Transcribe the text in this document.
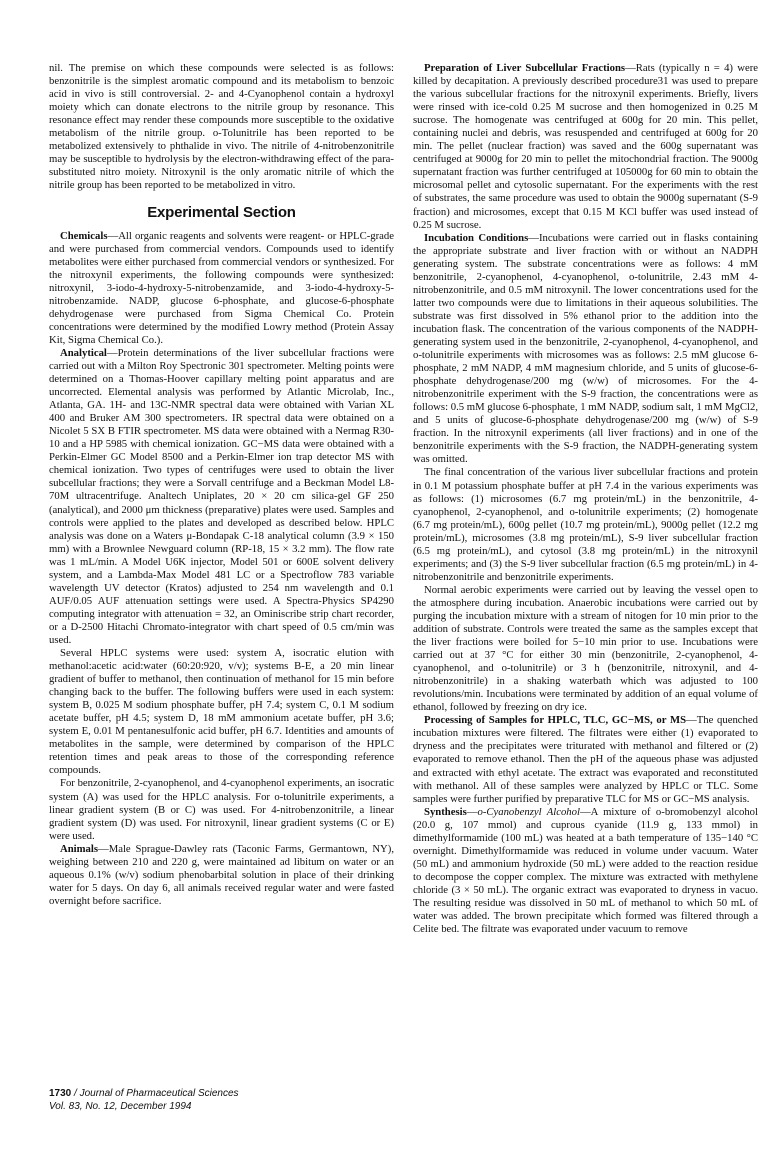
nil. The premise on which these compounds were selected is as follows: benzonitrile is the simplest aromatic compound and its metabolism to benzoic acid in vivo is still controversial. 2- and 4-Cyanophenol contain a hydroxyl moiety which can donate electrons to the nitrile group by resonance. This resonance effect may render these compounds more susceptible to the oxidative metabolism of the nitrile group. o-Tolunitrile has been reported to be metabolized extensively to phthalide in vivo. The nitrile of 4-nitrobenzonitrile may be susceptible to hydrolysis by the electron-withdrawing effect of the para-substituted nitro moiety. Nitroxynil is the only aromatic nitrile of which the nitrile group has been reported to be metabolized in vitro.

Experimental Section

Chemicals—All organic reagents and solvents were reagent- or HPLC-grade and were purchased from commercial vendors. Compounds used to identify metabolites were either purchased from commercial vendors or synthesized. For the nitroxynil experiments, the following compounds were synthesized: nitroxynil, 3-iodo-4-hydroxy-5-nitrobenzamide, and 3-iodo-4-hydroxy-5-nitrobenzamide. NADP, glucose 6-phosphate, and glucose-6-phosphate dehydrogenase were purchased from Sigma Chemical Co. Protein concentrations were determined by the modified Lowry method (Protein Assay Kit, Sigma Chemical Co.).

Analytical—Protein determinations of the liver subcellular fractions were carried out with a Milton Roy Spectronic 301 spectrometer. Melting points were determined on a Thomas-Hoover capillary melting point apparatus and are uncorrected. Elemental analysis was performed by Atlantic Microlab, Inc., Atlanta, GA. 1H- and 13C-NMR spectral data were obtained with Varian XL 400 and Bruker AM 300 spectrometers. IR spectral data were obtained on a Nicolet 5 SX B FTIR spectrometer. MS data were obtained with a Nermag R30-10 and a HP 5985 with chemical ionization. GC−MS data were obtained with a Perkin-Elmer GC Model 8500 and a Perkin-Elmer ion trap detector MS with chemical ionization. Two types of centrifuges were used to obtain the liver subcellular fractions; they were a Sorvall centrifuge and a Beckman Model L8-70M ultracentrifuge. Analtech Uniplates, 20 × 20 cm silica-gel GF 250 (analytical), and 2000 μm thickness (preparative) plates were used. Samples and controls were applied to the plates and developed as described below. HPLC analysis was done on a Waters μ-Bondapak C-18 analytical column (3.9 × 150 mm) with a Brownlee Newguard column (RP-18, 15 × 3.2 mm). The flow rate was 1 mL/min. A Model U6K injector, Model 501 or 600E solvent delivery system, and a Lambda-Max Model 481 LC or a Spectroflow 783 variable wavelength UV detector (Kratos) adjusted to 254 nm wavelength and 0.1 AUF/0.05 AUF attenuation settings were used. A Spectra-Physics SP4290 computing integrator with attenuation = 32, an Ominiscribe strip chart recorder, or a D-2500 Hitachi Chromato-integrator with chart speed of 0.5 cm/min was used.

Several HPLC systems were used: system A, isocratic elution with methanol:acetic acid:water (60:20:920, v/v); systems B-E, a 20 min linear gradient of buffer to methanol, then continuation of methanol for 15 min before changing back to the buffer. The following buffers were used in each system: system B, 0.025 M sodium phosphate buffer, pH 7.4; system C, 0.1 M sodium acetate buffer, pH 4.5; system D, 18 mM ammonium acetate buffer, pH 3.6; system E, 0.01 M pentanesulfonic acid buffer, pH 6.7. Identities and amounts of metabolites in the sample, were determined by comparison of the HPLC retention times and peak areas to those of the corresponding reference compounds.

For benzonitrile, 2-cyanophenol, and 4-cyanophenol experiments, an isocratic system (A) was used for the HPLC analysis. For o-tolunitrile experiments, a linear gradient system (B or C) was used. For 4-nitrobenzonitrile, a linear gradient system (D) was used. For nitroxynil, linear gradient systems (C or E) were used.

Animals—Male Sprague-Dawley rats (Taconic Farms, Germantown, NY), weighing between 210 and 220 g, were maintained ad libitum on water or an aqueous 0.1% (w/v) sodium phenobarbital solution in place of their drinking water for 5 days. On day 6, all animals received regular water and were fasted overnight before sacrifice.

Preparation of Liver Subcellular Fractions—Rats (typically n = 4) were killed by decapitation. A previously described procedure31 was used to prepare the various subcellular fractions for the nitroxynil experiments. Briefly, livers were rinsed with ice-cold 0.25 M sucrose and then homogenized in 0.25 M sucrose. The homogenate was centrifuged at 600g for 20 min. This pellet, containing nuclei and debris, was resuspended and centrifuged at 600g for 20 min. The pellet (nuclear fraction) was saved and the 600g supernatant was centrifuged at 9000g for 20 min to pellet the mitochondrial fraction. The 9000g supernatant fraction was further centrifuged at 105000g for 60 min to obtain the microsomal pellet and cytosolic supernatant. For the experiments with the rest of substrates, the same procedure was used to obtain the 9000g supernatant (S-9 fraction) and microsomes, except that 0.15 M KCl buffer was used instead of 0.25 M sucrose.

Incubation Conditions—Incubations were carried out in flasks containing the appropriate substrate and liver fraction with or without an NADPH generating system. The substrate concentrations were as follows: 4 mM benzonitrile, 2-cyanophenol, 4-cyanophenol, o-tolunitrile, 2.43 mM 4-nitrobenzonitrile, and 0.5 mM nitroxynil. The lower concentrations used for the latter two compounds were due to limitations in their aqueous solubilities. The substrate was first dissolved in 5% ethanol prior to the addition into the incubation flask. The concentration of the various components of the NADPH-generating system used in the benzonitrile, 2-cyanophenol, 4-cyanophenol, and o-tolunitrile experiments with microsomes was as follows: 2.5 mM glucose 6-phosphate, 2 mM NADP, 4 mM magnesium chloride, and 5 units of glucose-6-phosphate dehydrogenase/200 mg (w/w) of microsomes. For the 4-nitrobenzonitrile experiment with the S-9 fraction, the concentrations were as follows: 0.5 mM glucose 6-phosphate, 1 mM NADP, sodium salt, 1 mM MgCl2, and 5 units of glucose-6-phosphate dehydrogenase/200 mg (w/w) of S-9 fraction. In the nitroxynil experiments (all liver fractions) and in one of the benzonitrile experiments with the S-9 fraction, the NADPH-generating system was omitted.

The final concentration of the various liver subcellular fractions and protein in 0.1 M potassium phosphate buffer at pH 7.4 in the various experiments was as follows: (1) microsomes (6.7 mg protein/mL) in the benzonitrile, 4-cyanophenol, 2-cyanophenol, and o-tolunitrile experiments; (2) homogenate (6.7 mg protein/mL), 600g pellet (10.7 mg protein/mL), 9000g pellet (12.2 mg protein/mL), microsomes (3.8 mg protein/mL), S-9 liver subcellular fraction (6.5 mg protein/mL), and cytosol (3.8 mg protein/mL) in the nitroxynil experiments; and (3) the S-9 liver subcellular fraction (6.5 mg protein/mL) in 4-nitrobenzonitrile and benzonitrile experiments.

Normal aerobic experiments were carried out by leaving the vessel open to the atmosphere during incubation. Anaerobic incubations were carried out by purging the incubation mixture with a stream of nitogen for 10 min prior to the addition of substrate. Controls were treated the same as the samples except that the liver fractions were boiled for 5−10 min prior to use. Incubations were carried out at 37 °C for either 30 min (benzonitrile, 2-cyanophenol, 4-cyanophenol, and o-tolunitrile) or 3 h (benzonitrile, nitroxynil, and 4-nitrobenzonitrile) in a shaking waterbath which was adjusted to 100 revolutions/min. Incubations were terminated by addition of an equal volume of ethanol, followed by freezing on dry ice.

Processing of Samples for HPLC, TLC, GC−MS, or MS—The quenched incubation mixtures were filtered. The filtrates were either (1) evaporated to dryness and the precipitates were triturated with methanol and filtered or (2) evaporated to remove ethanol. Then the pH of the aqueous phase was adjusted and extracted with ethyl acetate. The extract was evaporated and reconstituted with methanol. All of these samples were analyzed by HPLC or TLC. Some samples were further purified by preparative TLC for MS or GC−MS analysis.

Synthesis—o-Cyanobenzyl Alcohol—A mixture of o-bromobenzyl alcohol (20.0 g, 107 mmol) and cuprous cyanide (11.9 g, 133 mmol) in dimethylformamide (100 mL) was heated at a bath temperature of 135−140 °C overnight. Dimethylformamide was reduced in volume under vacuum. Water (50 mL) and ammonium hydroxide (50 mL) were added to the reaction residue to decompose the copper complex. The mixture was extracted with methylene chloride (3 × 50 mL). The organic extract was evaporated to dryness in vacuo. The resulting residue was dissolved in 50 mL of methanol to which 50 mL of water was added. The brown precipitate which formed was filtered through a Celite bed. The filtrate was evaporated under vacuum to remove

1730 / Journal of Pharmaceutical Sciences
Vol. 83, No. 12, December 1994
